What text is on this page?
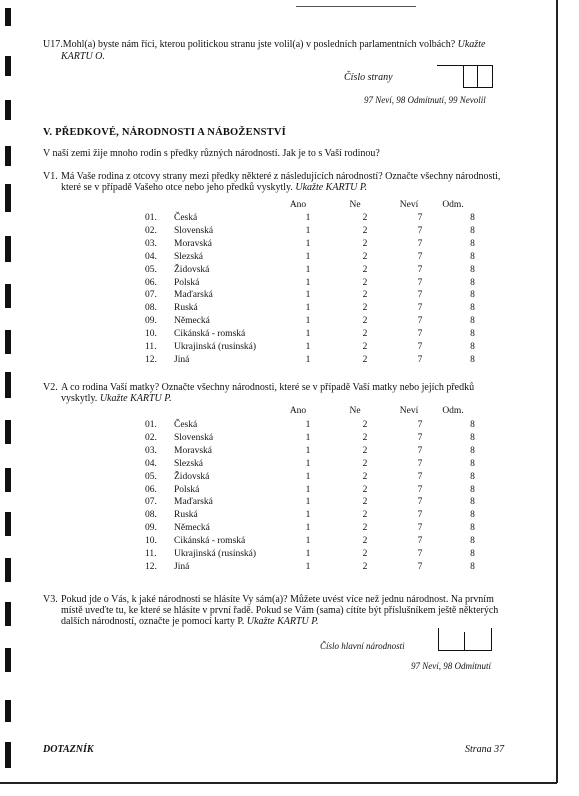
U17.Mohl(a) byste nám říci, kterou politickou stranu jste volil(a) v posledních parlamentních volbách? Ukažte
KARTU O.
Číslo strany
97 Neví, 98 Odmítnutí, 99 Nevolil
V. PŘEDKOVÉ, NÁRODNOSTI A NÁBOŽENSTVÍ
V naší zemi žije mnoho rodin s předky různých národností. Jak je to s Vaší rodinou?
V1. Má Vaše rodina z otcovy strany mezi předky některé z následujících národností? Označte všechny národnosti,
které se v případě Vašeho otce nebo jeho předků vyskytly. Ukažte KARTU P.
Ano	Ne	Neví	Odm.
01.	Česká	1	2	7	8
02.	Slovenská	1	2	7	8
03.	Moravská	1	2	7	8
04.	Slezská	1	2	7	8
05.	Židovská	1	2	7	8
06.	Polská	1	2	7	8
07.	Maďarská	1	2	7	8
08.	Ruská	1	2	7	8
09.	Německá	1	2	7	8
10.	Cikánská - romská	1	2	7	8
11.	Ukrajinská (rusínská)	1	2	7	8
12.	Jiná	1	2	7	8
V2. A co rodina Vaší matky? Označte všechny národnosti, které se v případě Vaší matky nebo jejích předků
vyskytly. Ukažte KARTU P.
Ano	Ne	Neví	Odm.
01.	Česká	1	2	7	8
02.	Slovenská	1	2	7	8
03.	Moravská	1	2	7	8
04.	Slezská	1	2	7	8
05.	Židovská	1	2	7	8
06.	Polská	1	2	7	8
07.	Maďarská	1	2	7	8
08.	Ruská	1	2	7	8
09.	Německá	1	2	7	8
10.	Cikánská - romská	1	2	7	8
11.	Ukrajinská (rusínská)	1	2	7	8
12.	Jiná	1	2	7	8
V3. Pokud jde o Vás, k jaké národnosti se hlásíte Vy sám(a)? Můžete uvést více než jednu národnost. Na prvním
místě uveďte tu, ke které se hlásíte v první řadě. Pokud se Vám (sama) cítíte být příslušníkem ještě některých
dalších národností, označte je pomocí karty P. Ukažte KARTU P.
Číslo hlavní národnosti
97 Neví, 98 Odmítnutí
DOTAZNÍK	Strana 37
